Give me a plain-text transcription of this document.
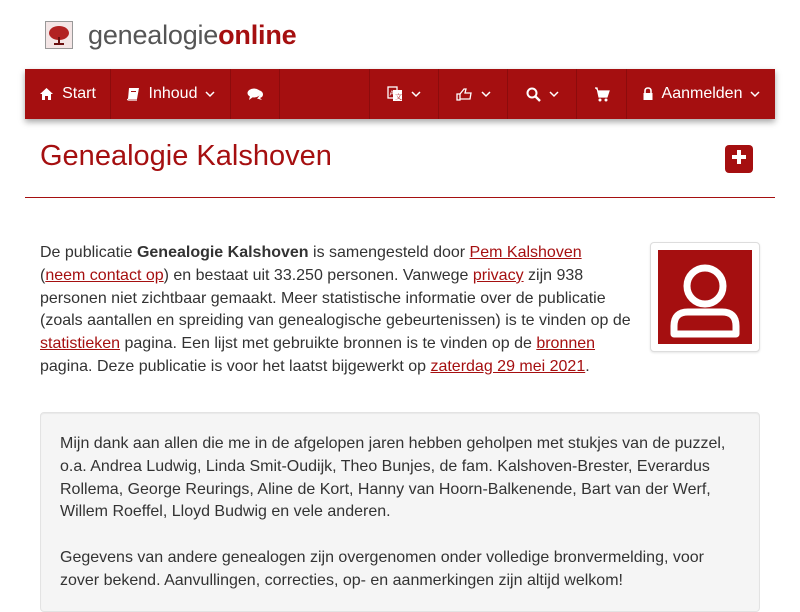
genealogieonline
Start	Inhoud	A 文	Aanmelden
Genealogie Kalshoven

De publicatie Genealogie Kalshoven is samengesteld door Pem Kalshoven
(neem contact op) en bestaat uit 33.250 personen. Vanwege privacy zijn 938 personen niet zichtbaar gemaakt. Meer statistische informatie over de publicatie (zoals aantallen en spreiding van genealogische gebeurtenissen) is te vinden op de statistieken pagina. Een lijst met gebruikte bronnen is te vinden op de bronnen pagina. Deze publicatie is voor het laatst bijgewerkt op zaterdag 29 mei 2021.

Mijn dank aan allen die me in de afgelopen jaren hebben geholpen met stukjes van de puzzel, o.a. Andrea Ludwig, Linda Smit-Oudijk, Theo Bunjes, de fam. Kalshoven-Brester, Everardus Rollema, George Reurings, Aline de Kort, Hanny van Hoorn-Balkenende, Bart van der Werf, Willem Roeffel, Lloyd Budwig en vele anderen.

Gegevens van andere genealogen zijn overgenomen onder volledige bronvermelding, voor zover bekend. Aanvullingen, correcties, op- en aanmerkingen zijn altijd welkom!
